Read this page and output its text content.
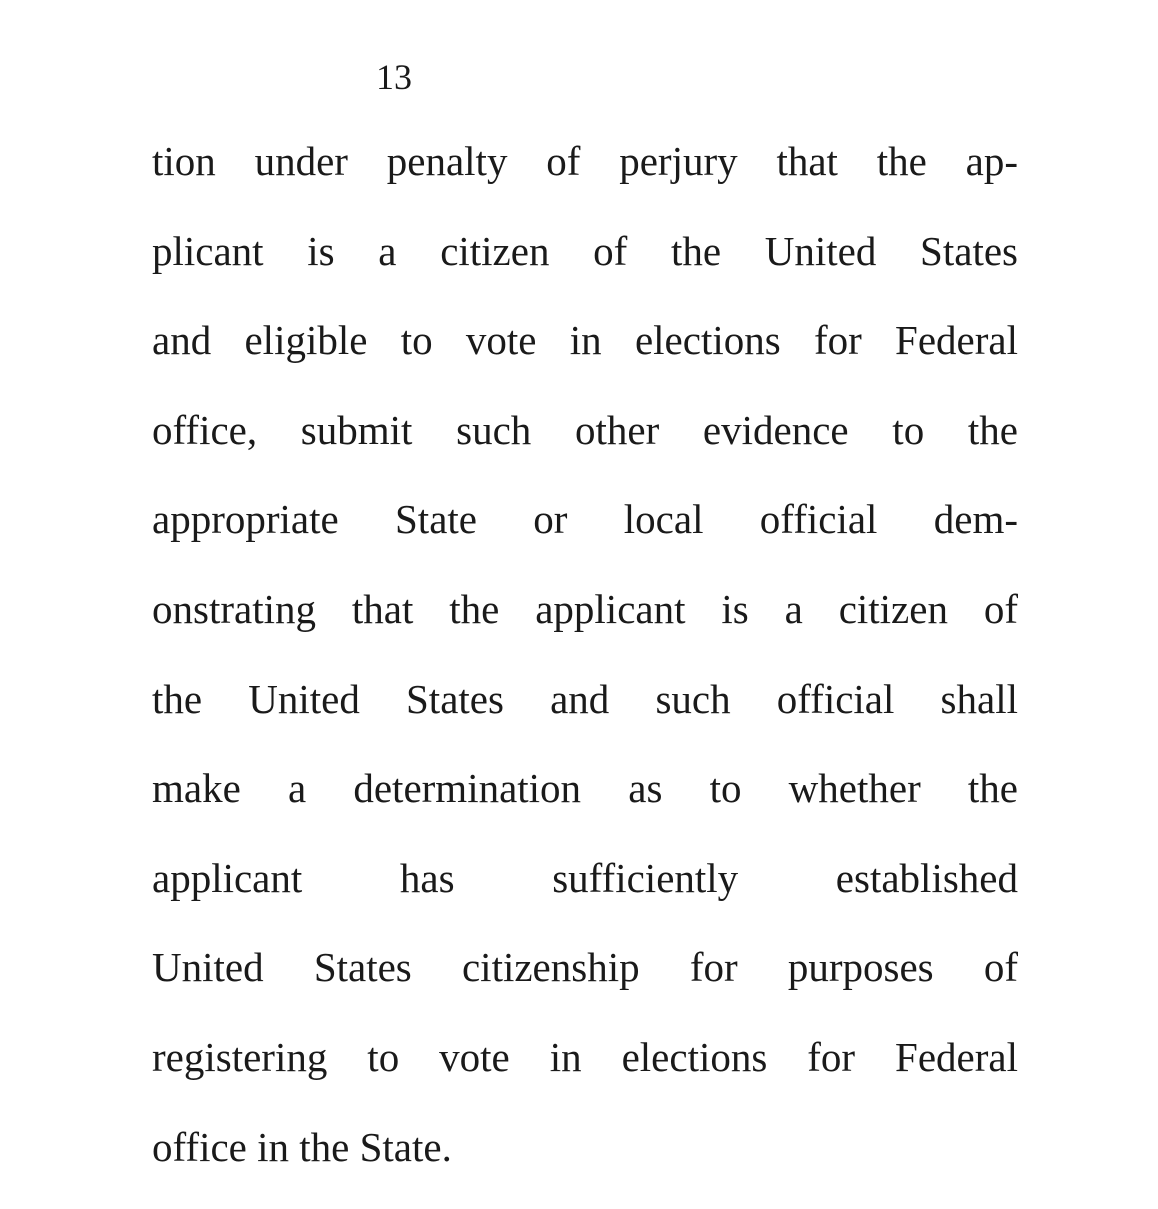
13
tion under penalty of perjury that the ap-
plicant is a citizen of the United States
and eligible to vote in elections for Federal
office, submit such other evidence to the
appropriate State or local official dem-
onstrating that the applicant is a citizen of
the United States and such official shall
make a determination as to whether the
applicant has sufficiently established
United States citizenship for purposes of
registering to vote in elections for Federal
office in the State.
